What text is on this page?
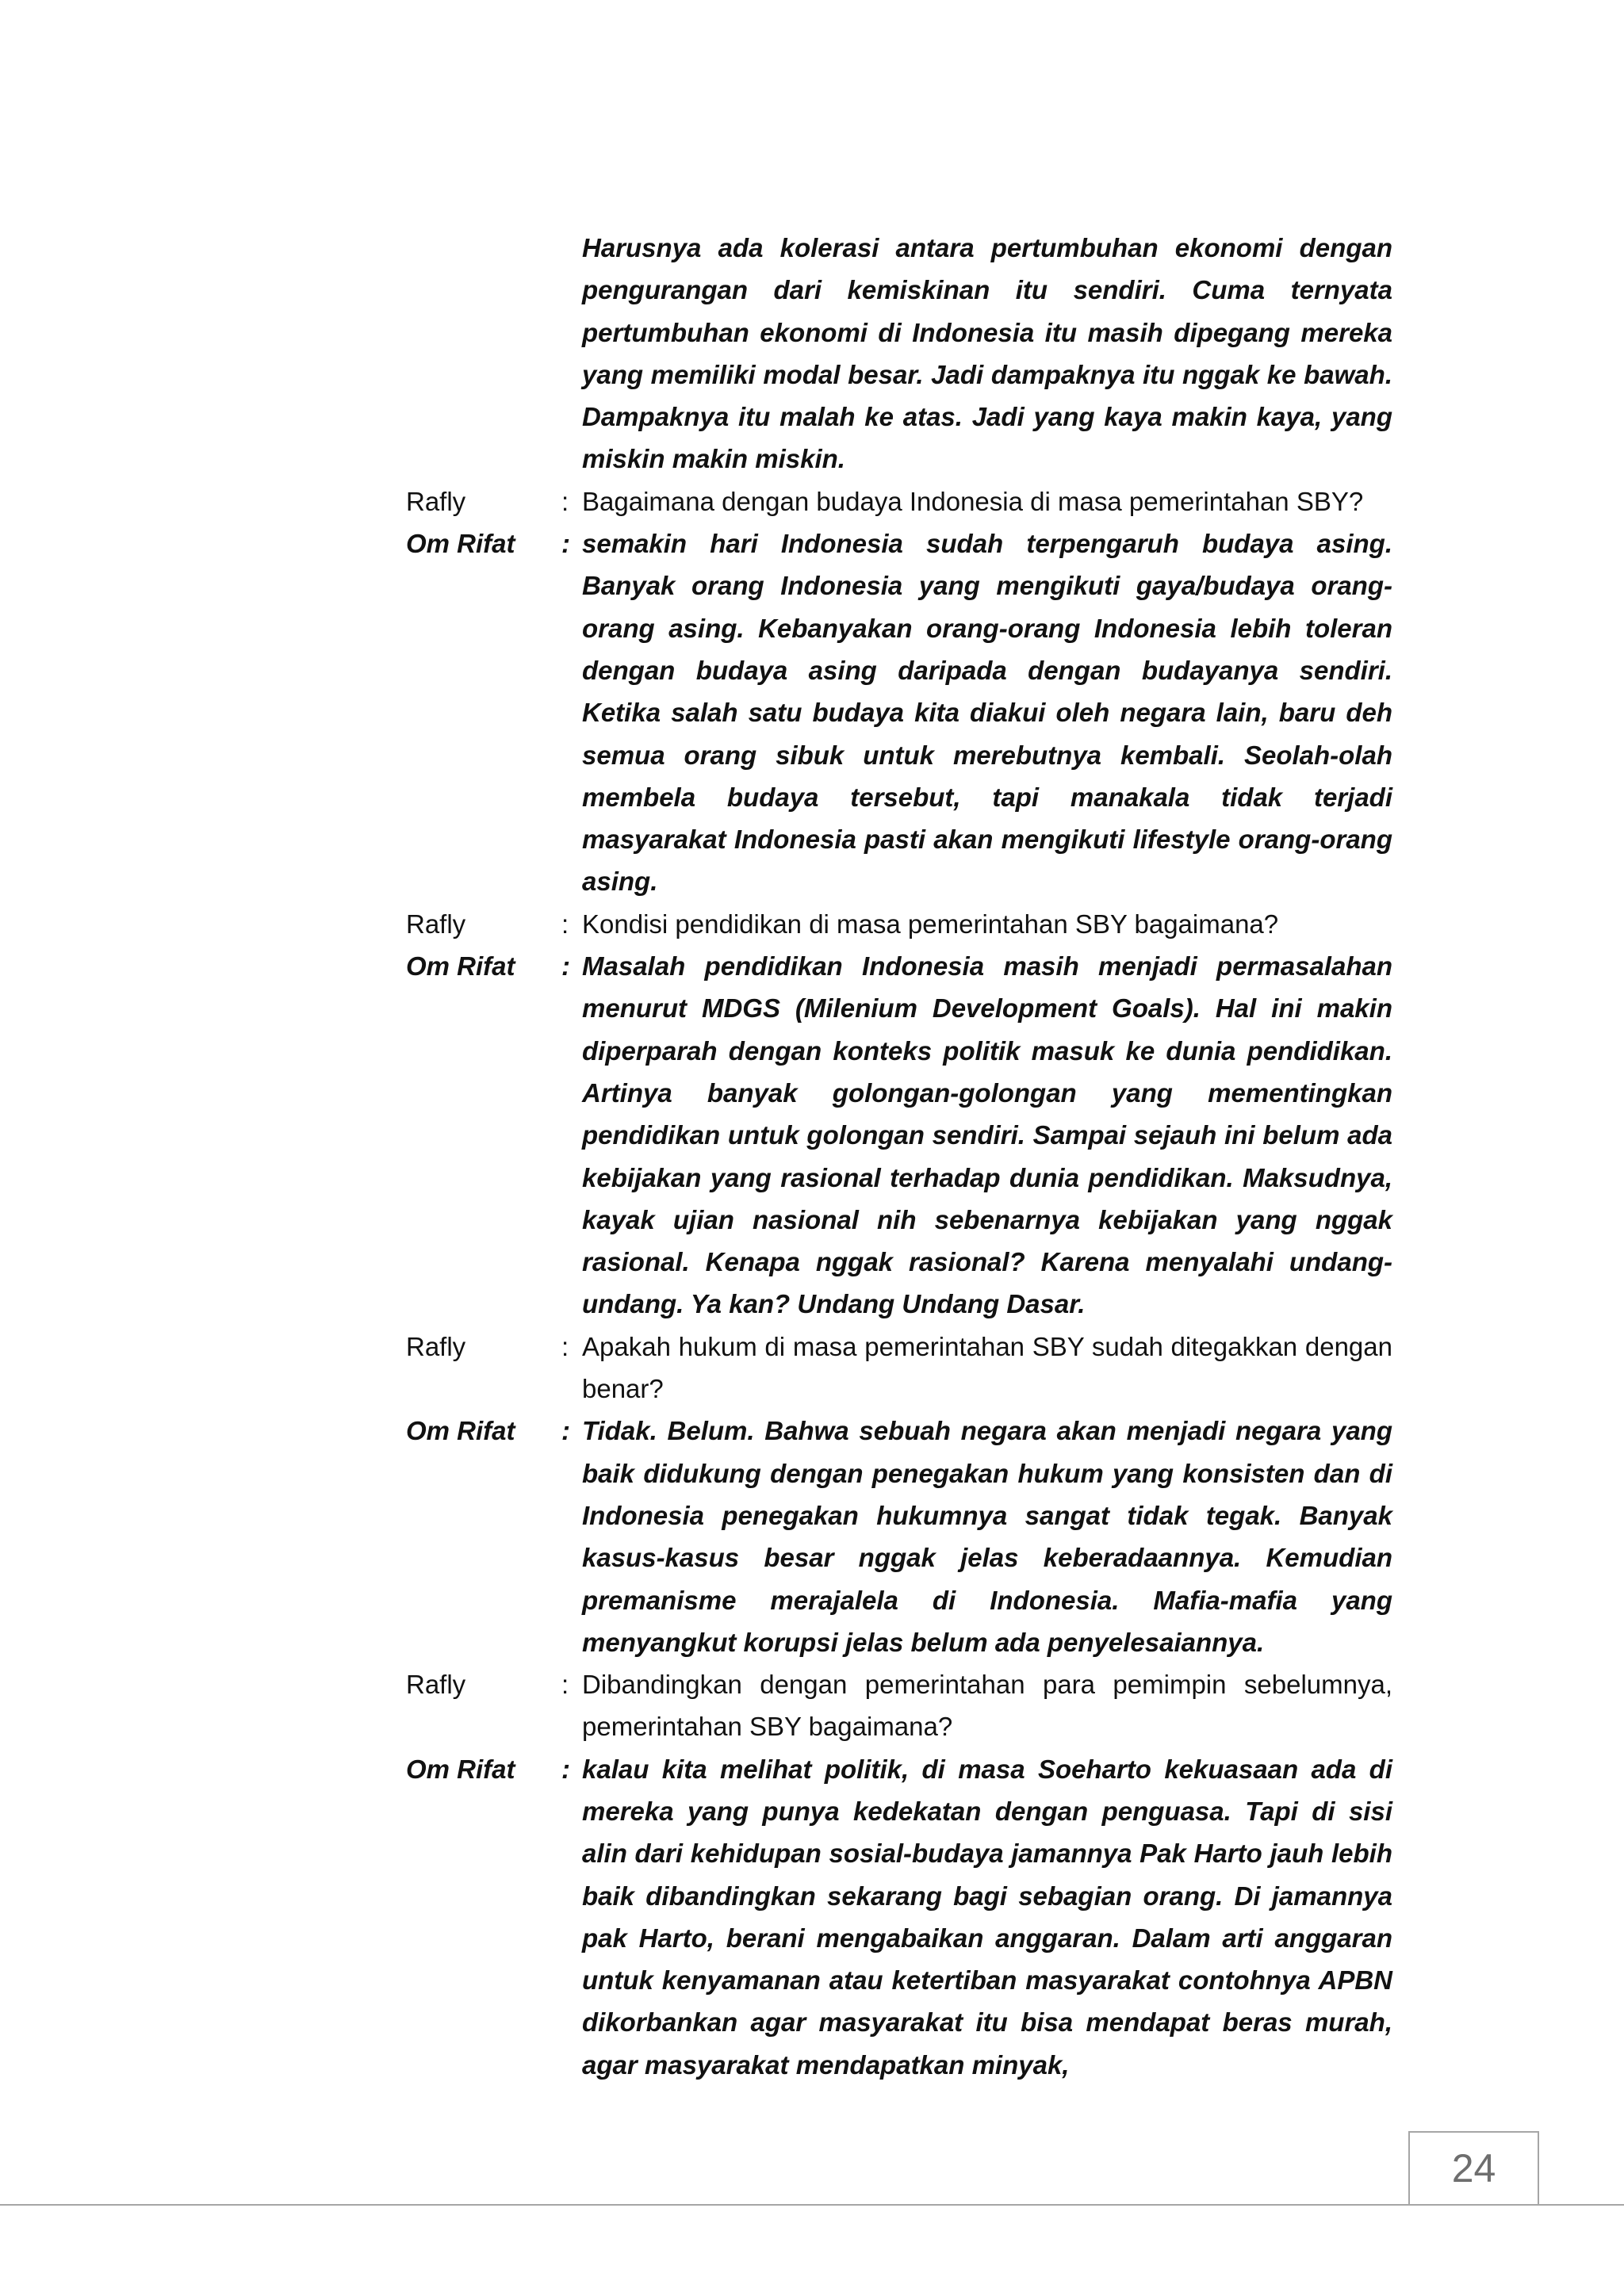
Harusnya ada kolerasi antara pertumbuhan ekonomi dengan pengurangan dari kemiskinan itu sendiri. Cuma ternyata pertumbuhan ekonomi di Indonesia itu masih dipegang mereka yang memiliki modal besar. Jadi dampaknya itu nggak ke bawah. Dampaknya itu malah ke atas. Jadi yang kaya makin kaya, yang miskin makin miskin.
Rafly	: Bagaimana dengan budaya Indonesia di masa pemerintahan SBY?
Om Rifat	: semakin hari Indonesia sudah terpengaruh budaya asing. Banyak orang Indonesia yang mengikuti gaya/budaya orang-orang asing. Kebanyakan orang-orang Indonesia lebih toleran dengan budaya asing daripada dengan budayanya sendiri. Ketika salah satu budaya kita diakui oleh negara lain, baru deh semua orang sibuk untuk merebutnya kembali. Seolah-olah membela budaya tersebut, tapi manakala tidak terjadi masyarakat Indonesia pasti akan mengikuti lifestyle orang-orang asing.
Rafly	: Kondisi pendidikan di masa pemerintahan SBY bagaimana?
Om Rifat	: Masalah pendidikan Indonesia masih menjadi permasalahan menurut MDGS (Milenium Development Goals). Hal ini makin diperparah dengan konteks politik masuk ke dunia pendidikan. Artinya banyak golongan-golongan yang mementingkan pendidikan untuk golongan sendiri. Sampai sejauh ini belum ada kebijakan yang rasional terhadap dunia pendidikan. Maksudnya, kayak ujian nasional nih sebenarnya kebijakan yang nggak rasional. Kenapa nggak rasional? Karena menyalahi undang-undang. Ya kan? Undang Undang Dasar.
Rafly	: Apakah hukum di masa pemerintahan SBY sudah ditegakkan dengan benar?
Om Rifat	: Tidak. Belum. Bahwa sebuah negara akan menjadi negara yang baik didukung dengan penegakan hukum yang konsisten dan di Indonesia penegakan hukumnya sangat tidak tegak. Banyak kasus-kasus besar nggak jelas keberadaannya. Kemudian premanisme merajalela di Indonesia. Mafia-mafia yang menyangkut korupsi jelas belum ada penyelesaiannya.
Rafly	: Dibandingkan dengan pemerintahan para pemimpin sebelumnya, pemerintahan SBY bagaimana?
Om Rifat	: kalau kita melihat politik, di masa Soeharto kekuasaan ada di mereka yang punya kedekatan dengan penguasa. Tapi di sisi alin dari kehidupan sosial-budaya jamannya Pak Harto jauh lebih baik dibandingkan sekarang bagi sebagian orang. Di jamannya pak Harto, berani mengabaikan anggaran. Dalam arti anggaran untuk kenyamanan atau ketertiban masyarakat contohnya APBN dikorbankan agar masyarakat itu bisa mendapat beras murah, agar masyarakat mendapatkan minyak,
24
